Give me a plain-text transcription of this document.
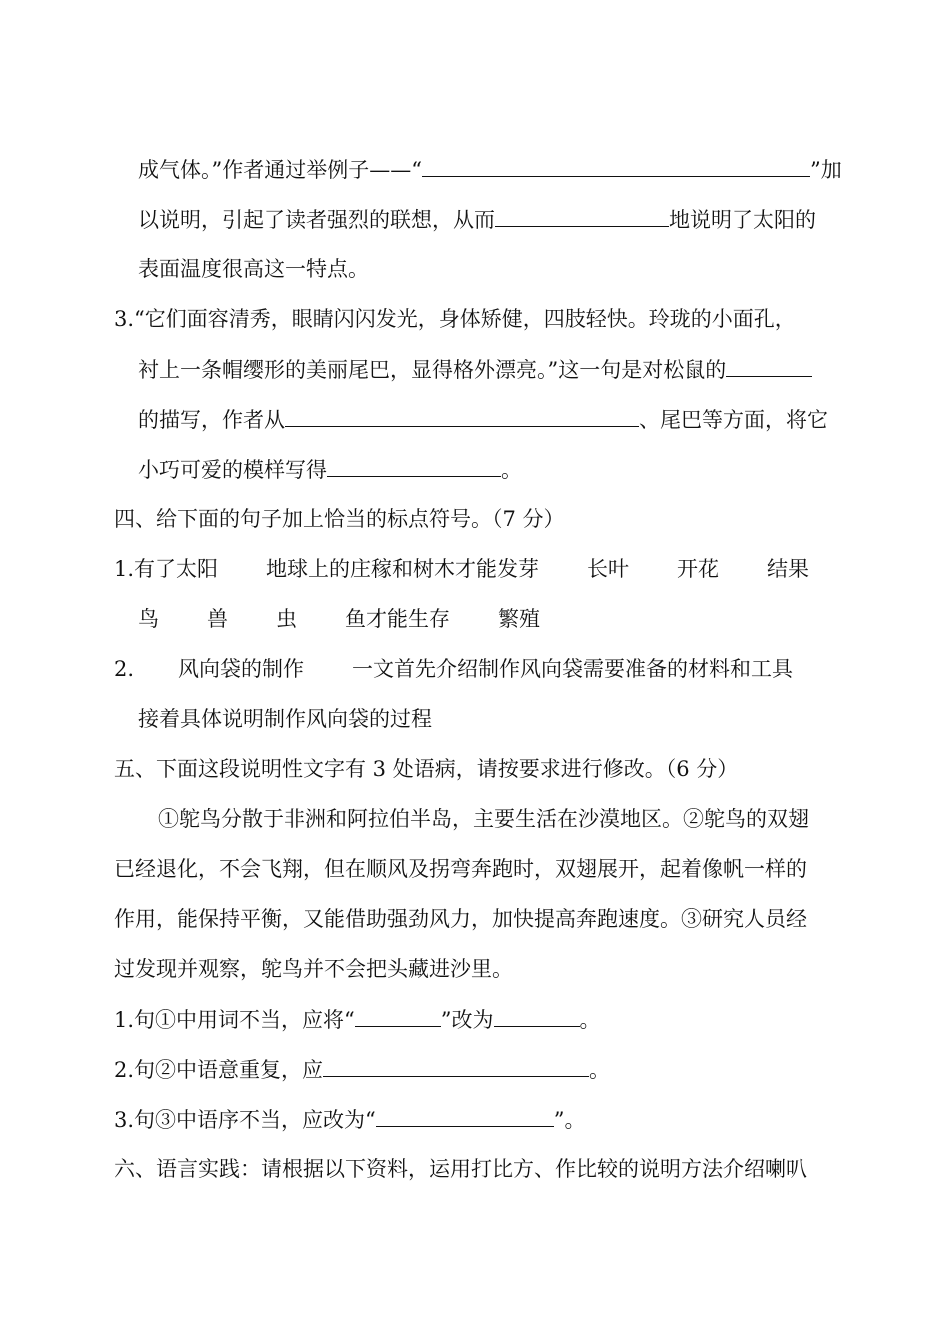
成气体。”作者通过举例子——“	”加
以说明，引起了读者强烈的联想，从而	地说明了太阳的
表面温度很高这一特点。
3.“它们面容清秀，眼睛闪闪发光，身体矫健，四肢轻快。玲珑的小面孔，
衬上一条帽缨形的美丽尾巴，显得格外漂亮。”这一句是对松鼠的
的描写，作者从	、尾巴等方面，将它
小巧可爱的模样写得	。
四、给下面的句子加上恰当的标点符号。（7 分）
1.有了太阳 地球上的庄稼和树木才能发芽 长叶 开花 结果
鸟 兽 虫 鱼才能生存 繁殖
2. 风向袋的制作 一文首先介绍制作风向袋需要准备的材料和工具
接着具体说明制作风向袋的过程
五、下面这段说明性文字有 3 处语病，请按要求进行修改。（6 分）
①鸵鸟分散于非洲和阿拉伯半岛，主要生活在沙漠地区。②鸵鸟的双翅
已经退化，不会飞翔，但在顺风及拐弯奔跑时，双翅展开，起着像帆一样的
作用，能保持平衡，又能借助强劲风力，加快提高奔跑速度。③研究人员经
过发现并观察，鸵鸟并不会把头藏进沙里。
1.句①中用词不当，应将“	”改为	。
2.句②中语意重复，应	。
3.句③中语序不当，应改为“	”。
六、语言实践：请根据以下资料，运用打比方、作比较的说明方法介绍喇叭
